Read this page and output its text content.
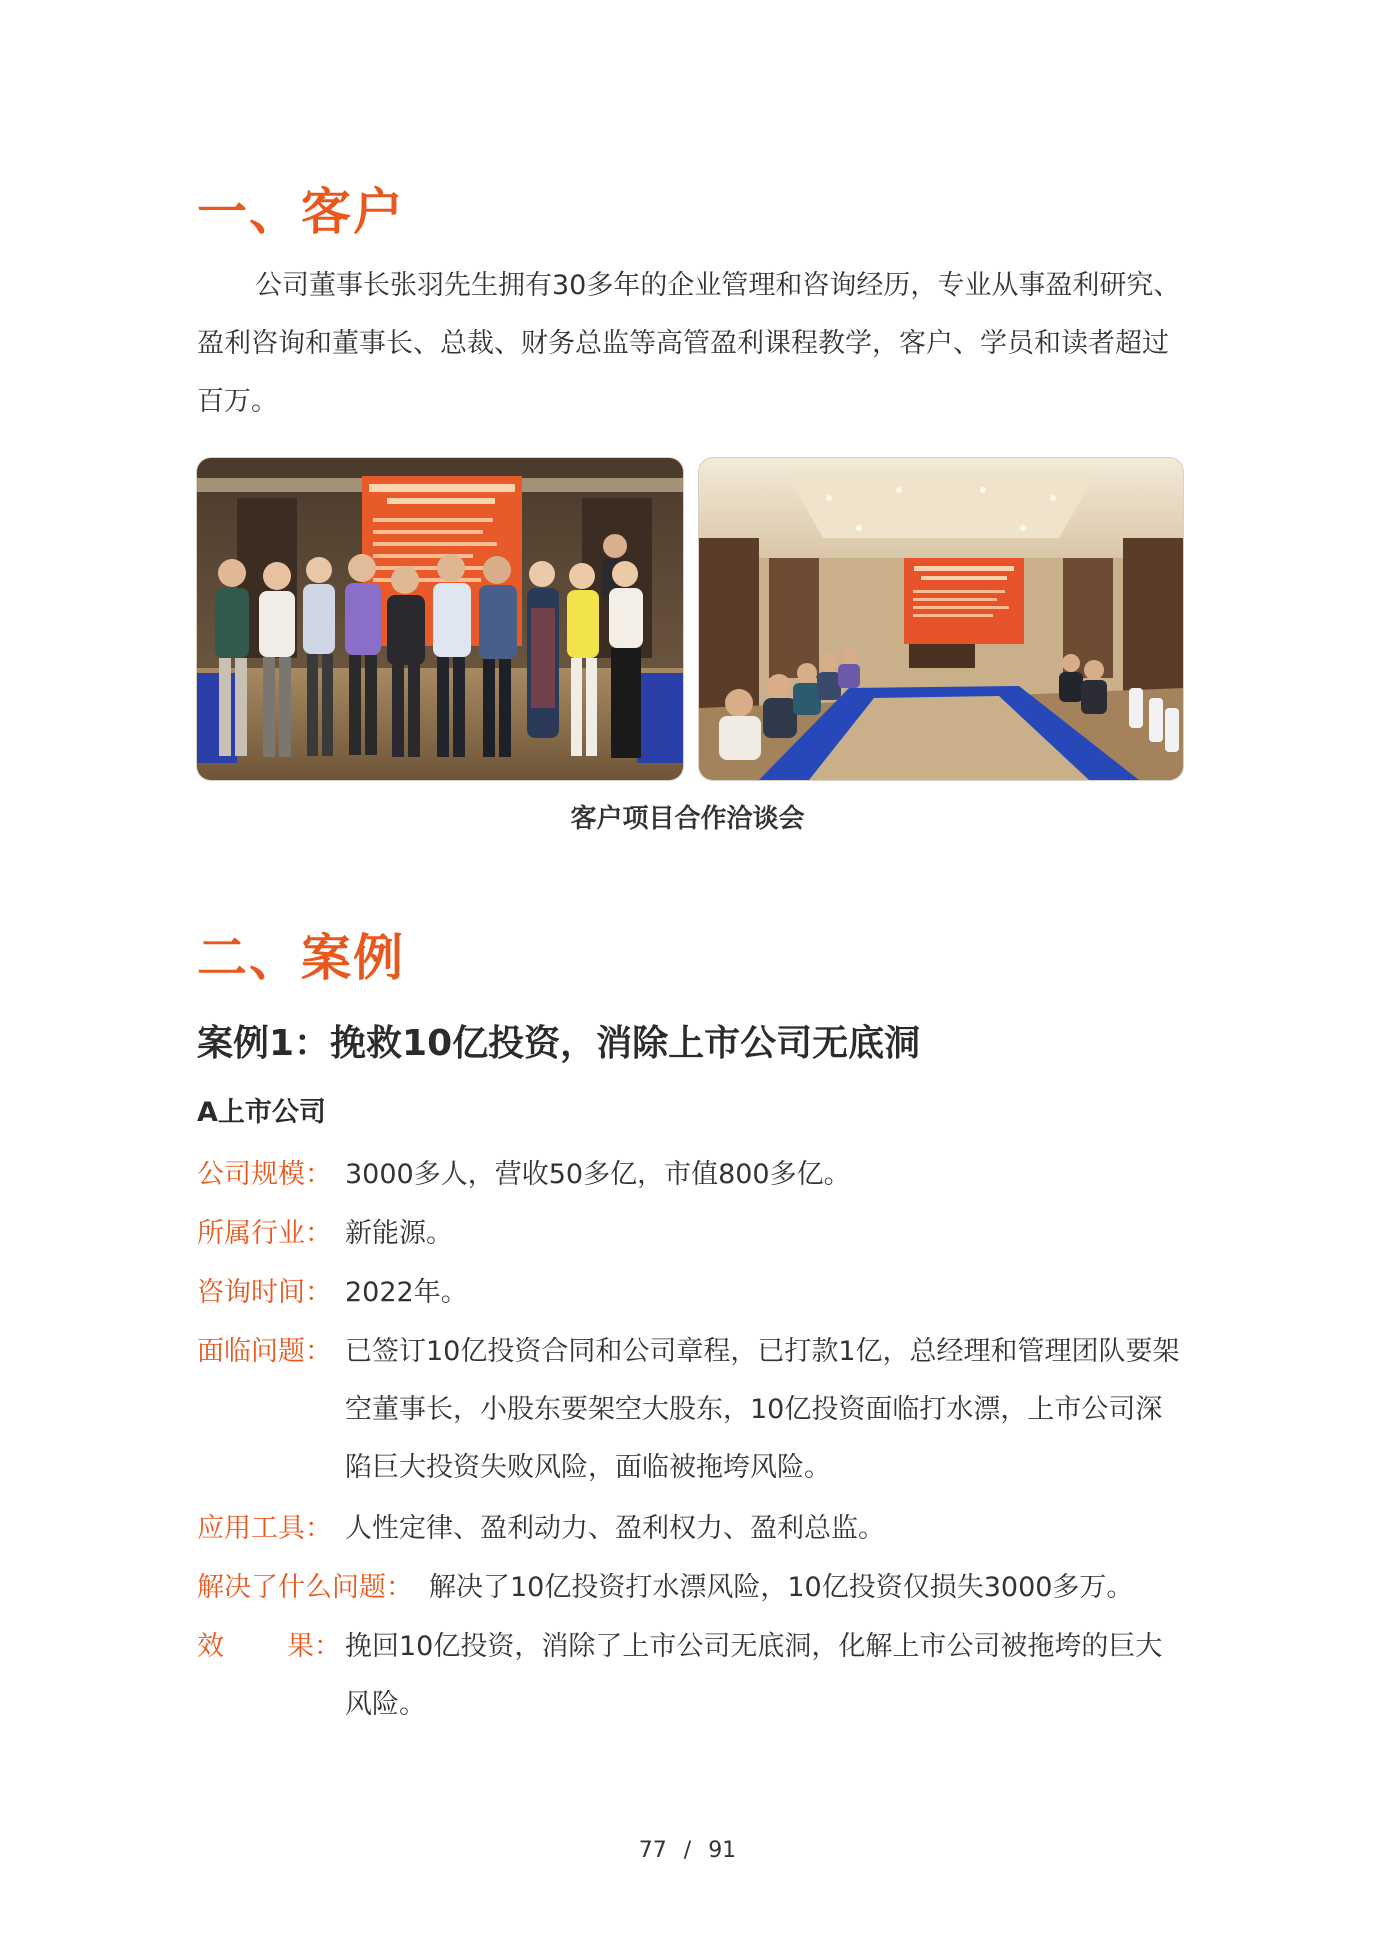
一、客户

公司董事长张羽先生拥有30多年的企业管理和咨询经历，专业从事盈利研究、盈利咨询和董事长、总裁、财务总监等高管盈利课程教学，客户、学员和读者超过百万。

客户项目合作洽谈会
二、案例
案例1：挽救10亿投资，消除上市公司无底洞
A上市公司
公司规模： 3000多人，营收50多亿，市值800多亿。
所属行业： 新能源。
咨询时间： 2022年。
面临问题： 已签订10亿投资合同和公司章程，已打款1亿，总经理和管理团队要架空董事长，小股东要架空大股东，10亿投资面临打水漂，上市公司深陷巨大投资失败风险，面临被拖垮风险。
应用工具： 人性定律、盈利动力、盈利权力、盈利总监。
解决了什么问题： 解决了10亿投资打水漂风险，10亿投资仅损失3000多万。
效 果： 挽回10亿投资，消除了上市公司无底洞，化解上市公司被拖垮的巨大风险。
77 / 91
